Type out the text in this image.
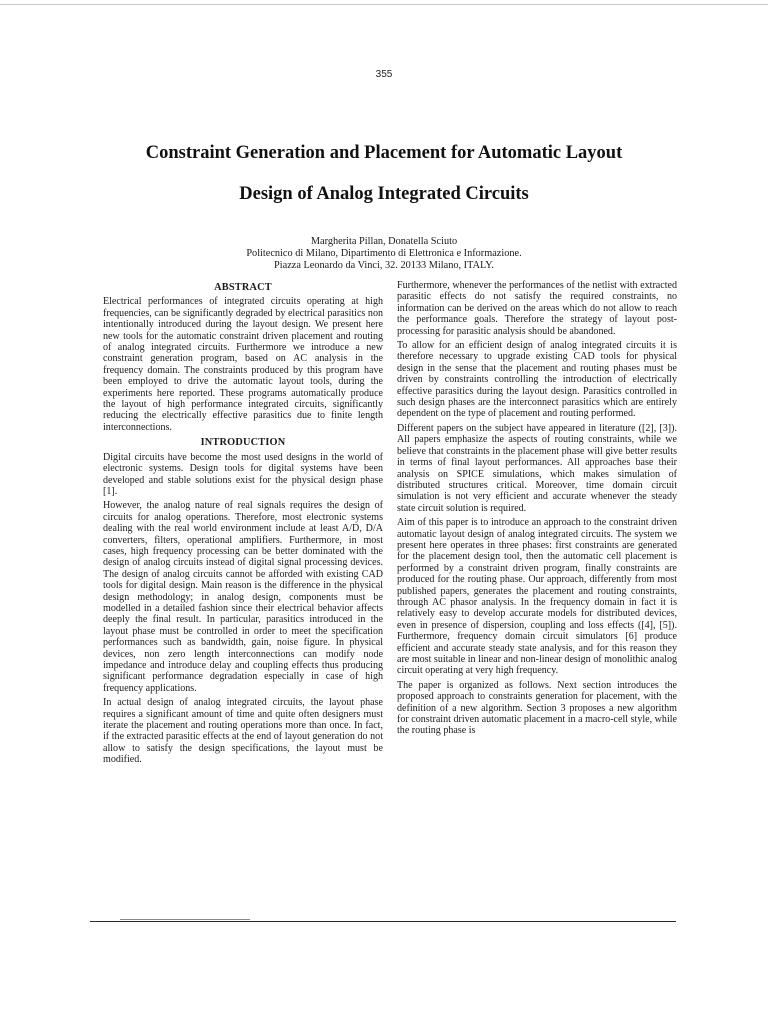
355
Constraint Generation and Placement for Automatic Layout
Design of Analog Integrated Circuits
Margherita Pillan, Donatella Sciuto
Politecnico di Milano, Dipartimento di Elettronica e Informazione.
Piazza Leonardo da Vinci, 32. 20133 Milano, ITALY.
ABSTRACT

Electrical performances of integrated circuits operating at high frequencies, can be significantly degraded by electrical parasitics non intentionally introduced during the layout design. We present here new tools for the automatic constraint driven placement and routing of analog integrated circuits. Furthermore we introduce a new constraint generation program, based on AC analysis in the frequency domain. The constraints produced by this program have been employed to drive the automatic layout tools, during the experiments here reported. These programs automatically produce the layout of high performance integrated circuits, significantly reducing the electrically effective parasitics due to finite length interconnections.

INTRODUCTION

Digital circuits have become the most used designs in the world of electronic systems. Design tools for digital systems have been developed and stable solutions exist for the physical design phase [1].

However, the analog nature of real signals requires the design of circuits for analog operations. Therefore, most electronic systems dealing with the real world environment include at least A/D, D/A converters, filters, operational amplifiers. Furthermore, in most cases, high frequency processing can be better dominated with the design of analog circuits instead of digital signal processing devices. The design of analog circuits cannot be afforded with existing CAD tools for digital design. Main reason is the difference in the physical design methodology; in analog design, components must be modelled in a detailed fashion since their electrical behavior affects deeply the final result. In particular, parasitics introduced in the layout phase must be controlled in order to meet the specification performances such as bandwidth, gain, noise figure. In physical devices, non zero length interconnections can modify node impedance and introduce delay and coupling effects thus producing significant performance degradation especially in case of high frequency applications.

In actual design of analog integrated circuits, the layout phase requires a significant amount of time and quite often designers must iterate the placement and routing operations more than once. In fact, if the extracted parasitic effects at the end of layout generation do not allow to satisfy the design specifications, the layout must be modified.

Furthermore, whenever the performances of the netlist with extracted parasitic effects do not satisfy the required constraints, no information can be derived on the areas which do not allow to reach the performance goals. Therefore the strategy of layout post-processing for parasitic analysis should be abandoned.

To allow for an efficient design of analog integrated circuits it is therefore necessary to upgrade existing CAD tools for physical design in the sense that the placement and routing phases must be driven by constraints controlling the introduction of electrically effective parasitics during the layout design. Parasitics controlled in such design phases are the interconnect parasitics which are entirely dependent on the type of placement and routing performed.

Different papers on the subject have appeared in literature ([2], [3]). All papers emphasize the aspects of routing constraints, while we believe that constraints in the placement phase will give better results in terms of final layout performances. All approaches base their analysis on SPICE simulations, which makes simulation of distributed structures critical. Moreover, time domain circuit simulation is not very efficient and accurate whenever the steady state circuit solution is required.

Aim of this paper is to introduce an approach to the constraint driven automatic layout design of analog integrated circuits. The system we present here operates in three phases: first constraints are generated for the placement design tool, then the automatic cell placement is performed by a constraint driven program, finally constraints are produced for the routing phase. Our approach, differently from most published papers, generates the placement and routing constraints, through AC phasor analysis. In the frequency domain in fact it is relatively easy to develop accurate models for distributed devices, even in presence of dispersion, coupling and loss effects ([4], [5]). Furthermore, frequency domain circuit simulators [6] produce efficient and accurate steady state analysis, and for this reason they are most suitable in linear and non-linear design of monolithic analog circuit operating at very high frequency.

The paper is organized as follows. Next section introduces the proposed approach to constraints generation for placement, with the definition of a new algorithm. Section 3 proposes a new algorithm for constraint driven automatic placement in a macro-cell style, while the routing phase is
